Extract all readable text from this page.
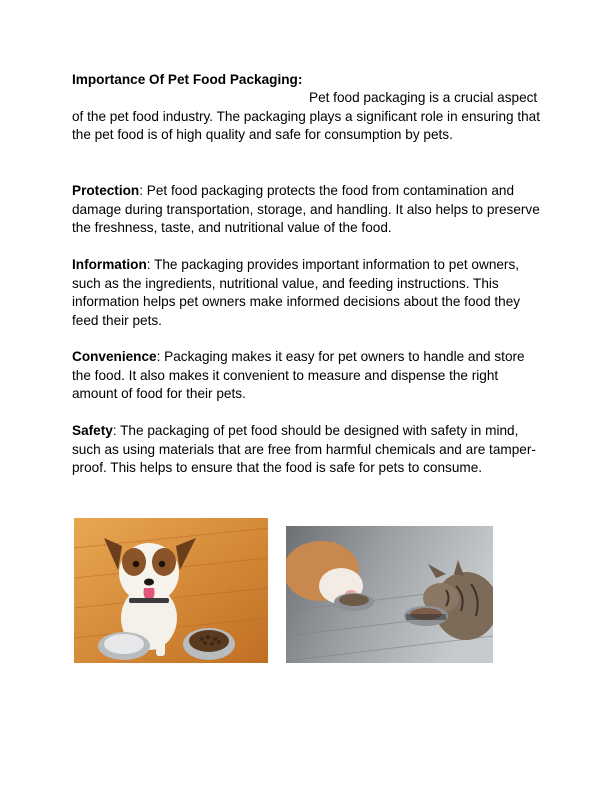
Importance Of Pet Food Packaging:
Pet food packaging is a crucial aspect of the pet food industry. The packaging plays a significant role in ensuring that the pet food is of high quality and safe for consumption by pets.

Protection: Pet food packaging protects the food from contamination and damage during transportation, storage, and handling. It also helps to preserve the freshness, taste, and nutritional value of the food.

Information: The packaging provides important information to pet owners, such as the ingredients, nutritional value, and feeding instructions. This information helps pet owners make informed decisions about the food they feed their pets.

Convenience: Packaging makes it easy for pet owners to handle and store the food. It also makes it convenient to measure and dispense the right amount of food for their pets.

Safety: The packaging of pet food should be designed with safety in mind, such as using materials that are free from harmful chemicals and are tamper-proof. This helps to ensure that the food is safe for pets to consume.
